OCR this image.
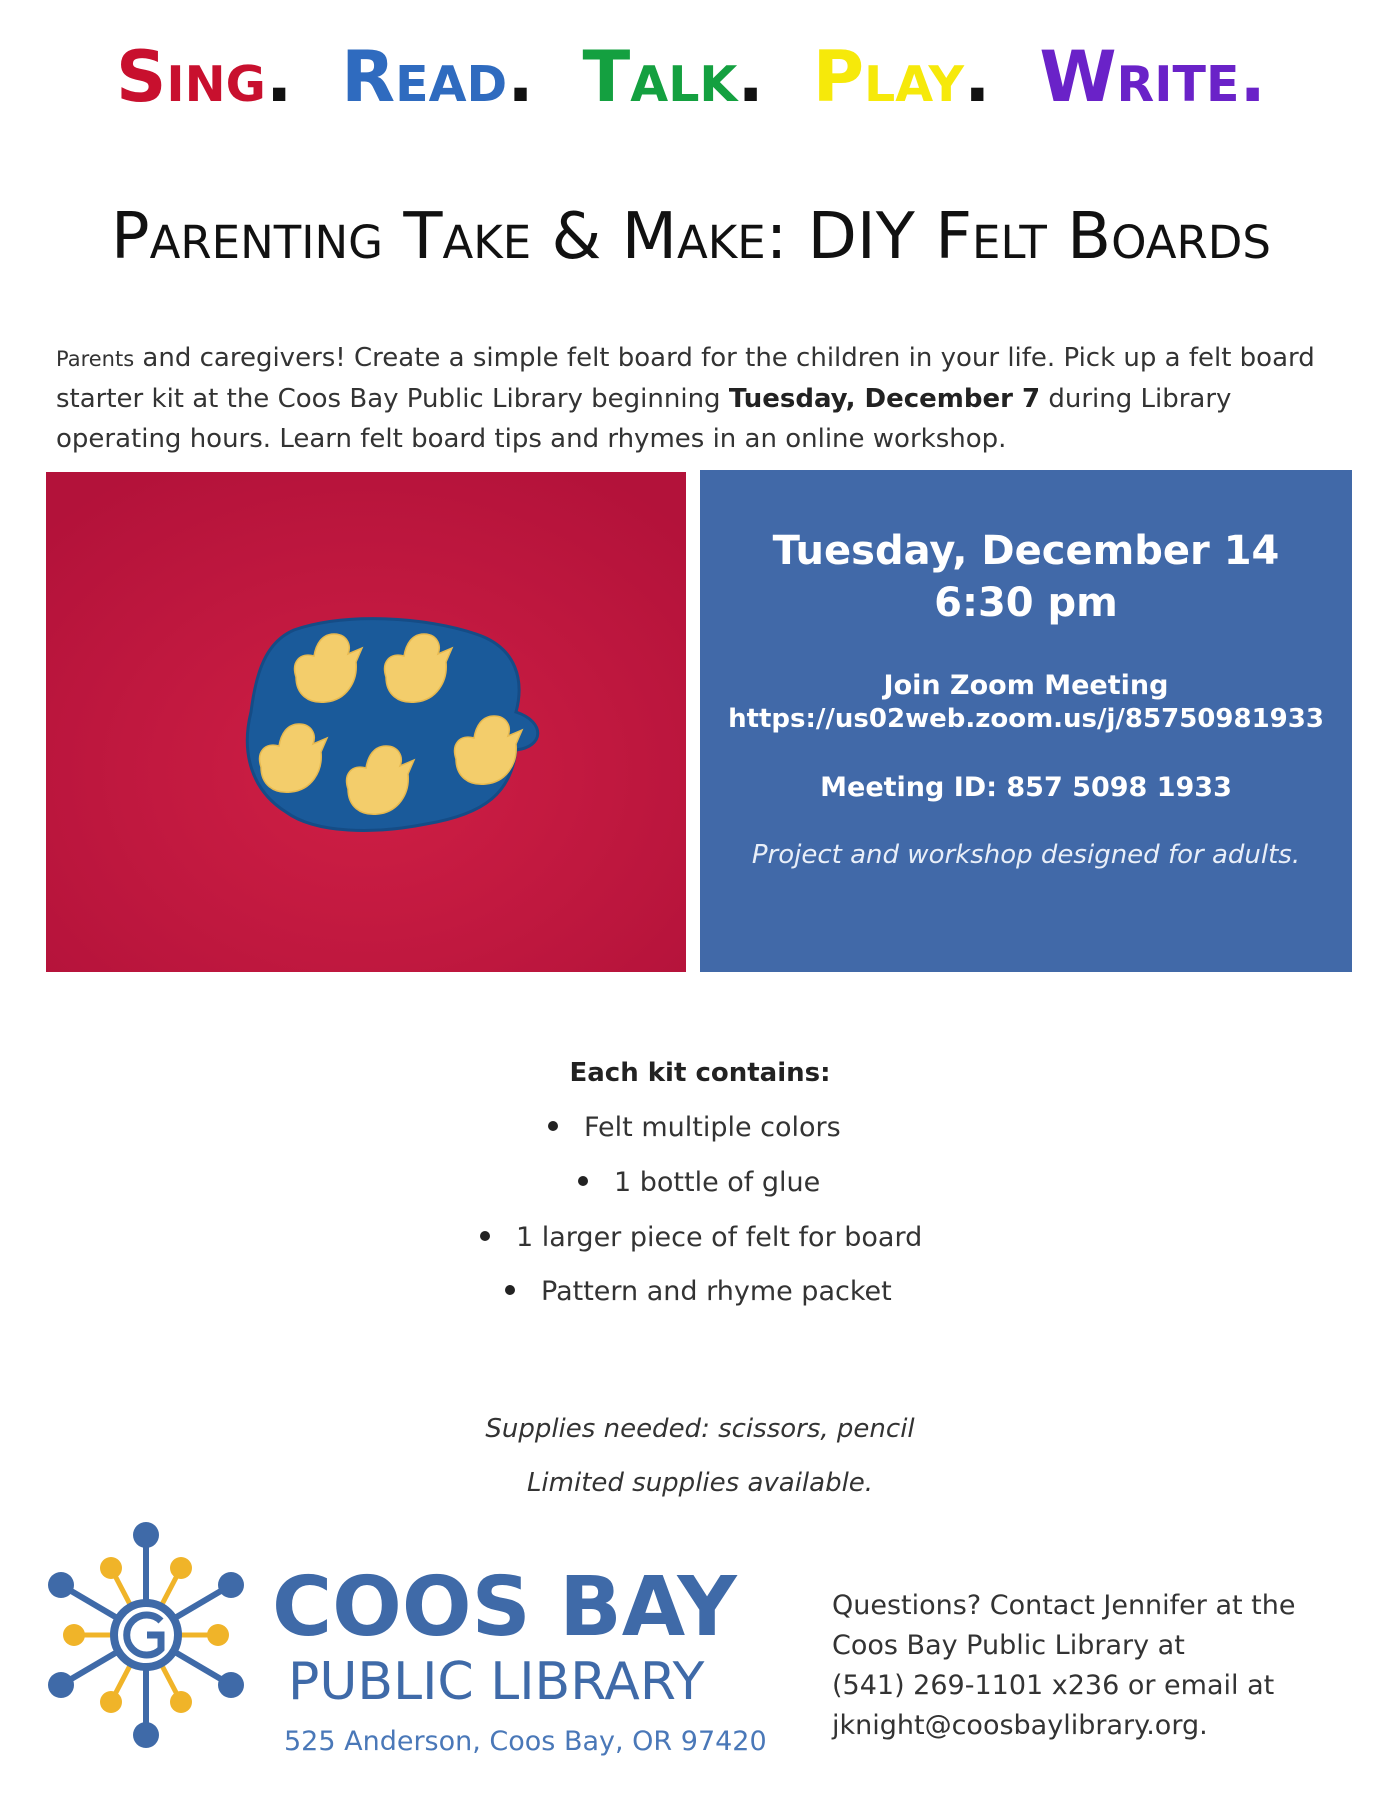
Sing. Read. Talk. Play. Write.
Parenting Take & Make: DIY Felt Boards
Parents and caregivers! Create a simple felt board for the children in your life. Pick up a felt board starter kit at the Coos Bay Public Library beginning Tuesday, December 7 during Library operating hours. Learn felt board tips and rhymes in an online workshop.
Tuesday, December 14
6:30 pm
Join Zoom Meeting
https://us02web.zoom.us/j/85750981933
Meeting ID: 857 5098 1933
Project and workshop designed for adults.
Each kit contains:
Felt multiple colors
1 bottle of glue
1 larger piece of felt for board
Pattern and rhyme packet
Supplies needed: scissors, pencil
Limited supplies available.
COOS BAY
PUBLIC LIBRARY
525 Anderson, Coos Bay, OR 97420
Questions? Contact Jennifer at the
Coos Bay Public Library at
(541) 269-1101 x236 or email at
jknight@coosbaylibrary.org.
